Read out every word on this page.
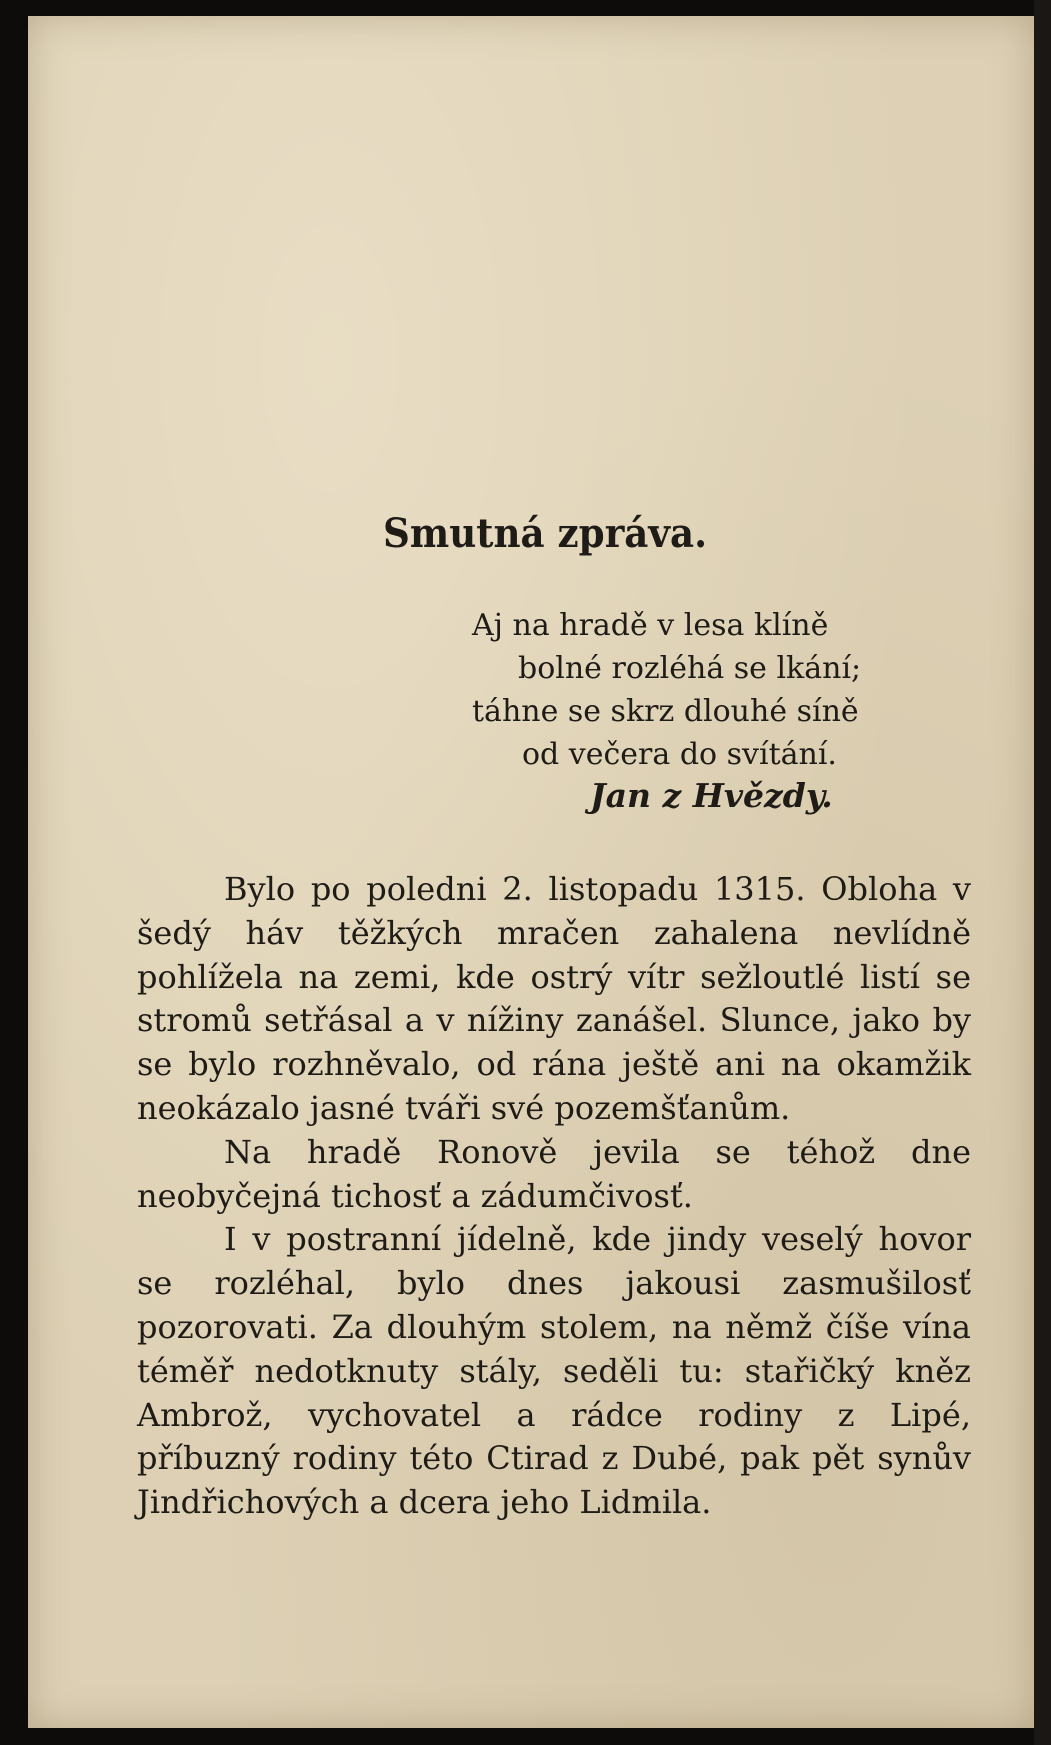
Smutná zpráva.
Aj na hradě v lesa klíně
bolné rozléhá se lkání;
táhne se skrz dlouhé síně
od večera do svítání.
Jan z Hvězdy.

Bylo po poledni 2. listopadu 1315. Obloha v šedý háv těžkých mračen zahalena nevlídně pohlížela na zemi, kde ostrý vítr sežloutlé listí se stromů setřásal a v nížiny zanášel. Slunce, jako by se bylo rozhněvalo, od rána ještě ani na okamžik neokázalo jasné tváři své pozemšťanům.

Na hradě Ronově jevila se téhož dne neobyčejná tichosť a zádumčivosť.

I v postranní jídelně, kde jindy veselý hovor se rozléhal, bylo dnes jakousi zasmušilosť pozorovati. Za dlouhým stolem, na němž číše vína téměř nedotknuty stály, seděli tu: stařičký kněz Ambrož, vychovatel a rádce rodiny z Lipé, příbuzný rodiny této Ctirad z Dubé, pak pět synův Jindřichových a dcera jeho Lidmila.
